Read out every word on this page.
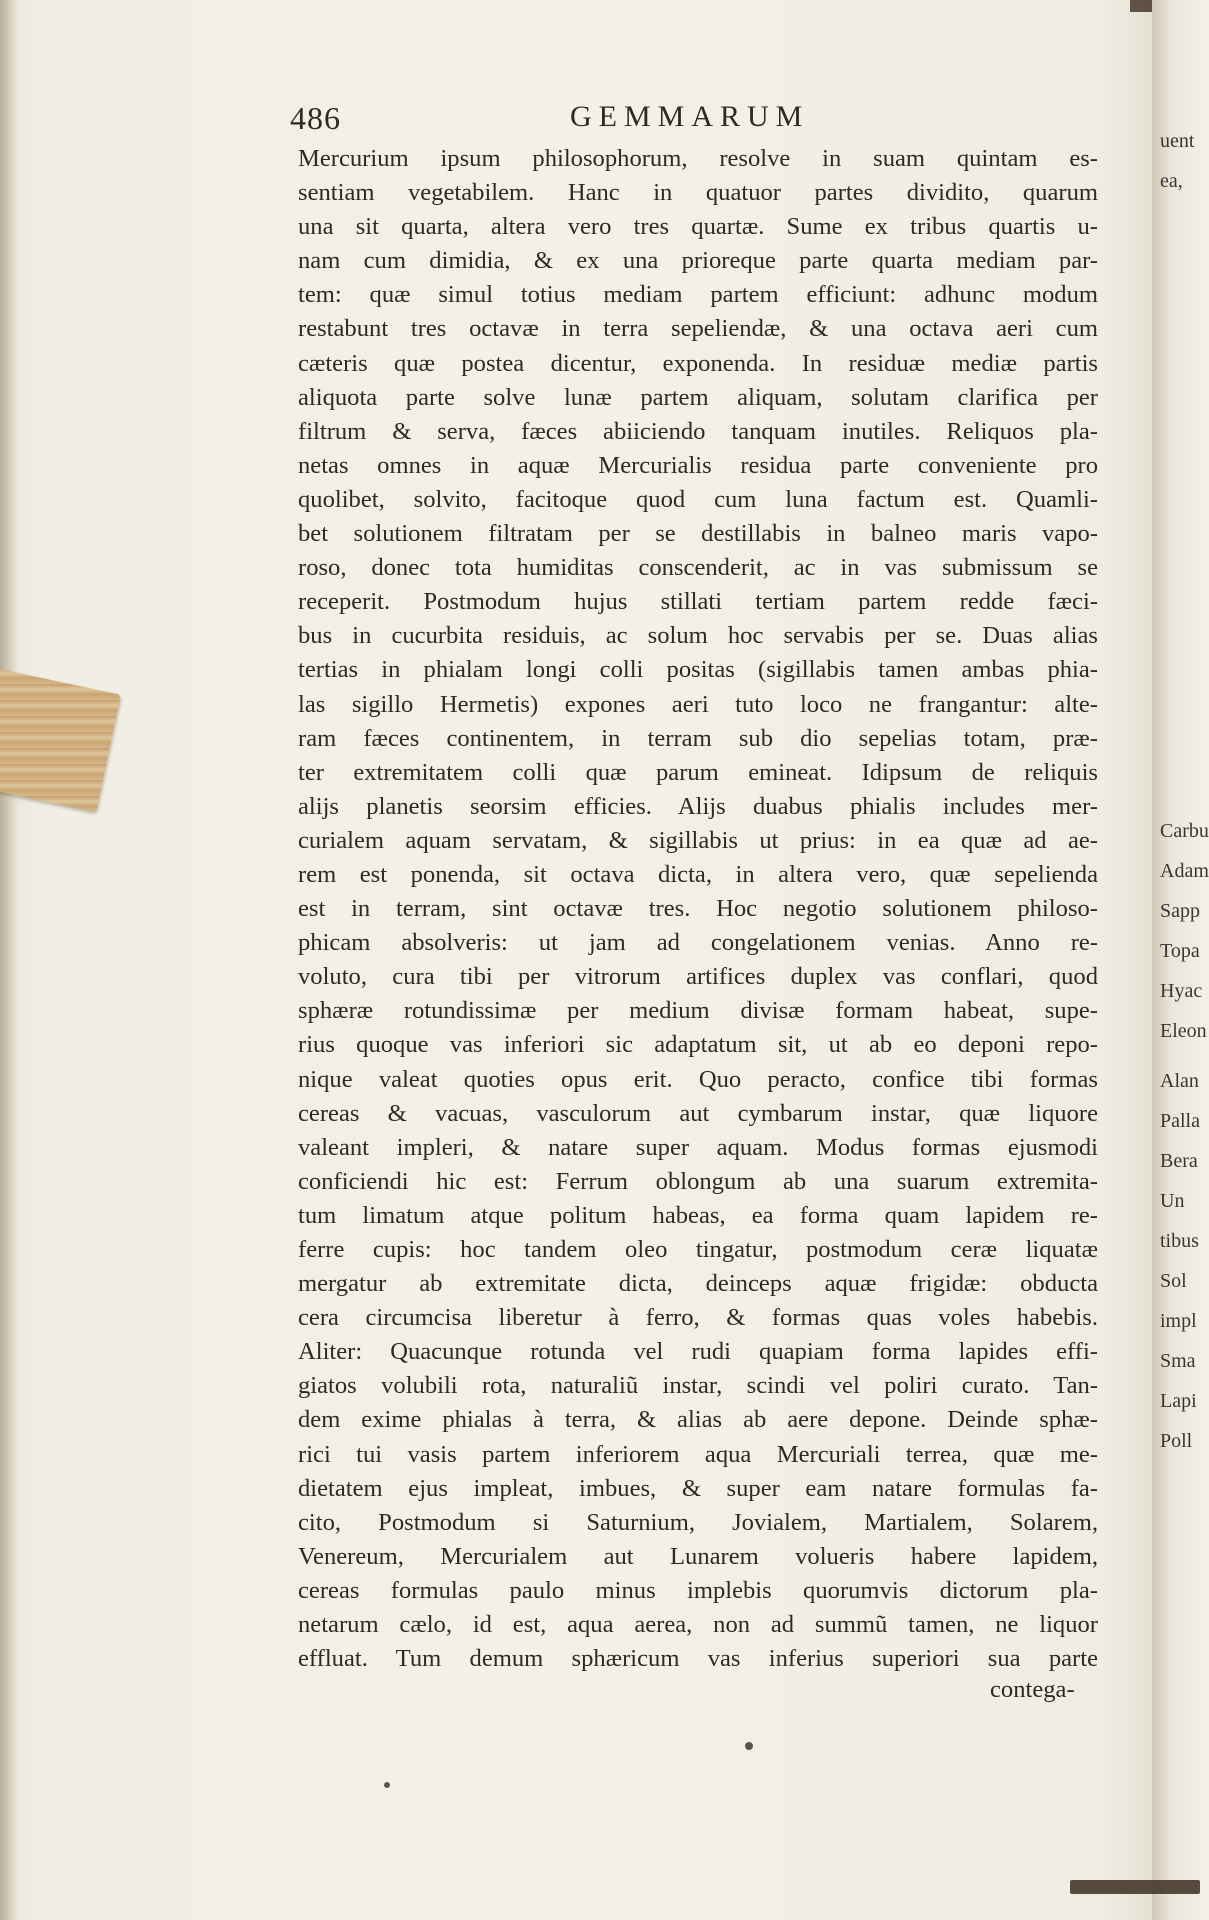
486	GEMMARUM
Mercurium ipsum philosophorum, resolve in suam quintam es-
sentiam vegetabilem. Hanc in quatuor partes dividito, quarum
una sit quarta, altera vero tres quartæ. Sume ex tribus quartis u-
nam cum dimidia, & ex una prioreque parte quarta mediam par-
tem: quæ simul totius mediam partem efficiunt: adhunc modum
restabunt tres octavæ in terra sepeliendæ, & una octava aeri cum
cæteris quæ postea dicentur, exponenda. In residuæ mediæ partis
aliquota parte solve lunæ partem aliquam, solutam clarifica per
filtrum & serva, fæces abiiciendo tanquam inutiles. Reliquos pla-
netas omnes in aquæ Mercurialis residua parte conveniente pro
quolibet, solvito, facitoque quod cum luna factum est. Quamli-
bet solutionem filtratam per se destillabis in balneo maris vapo-
roso, donec tota humiditas conscenderit, ac in vas submissum se
receperit. Postmodum hujus stillati tertiam partem redde fæci-
bus in cucurbita residuis, ac solum hoc servabis per se. Duas alias
tertias in phialam longi colli positas (sigillabis tamen ambas phia-
las sigillo Hermetis) expones aeri tuto loco ne frangantur: alte-
ram fæces continentem, in terram sub dio sepelias totam, præ-
ter extremitatem colli quæ parum emineat. Idipsum de reliquis
alijs planetis seorsim efficies. Alijs duabus phialis includes mer-
curialem aquam servatam, & sigillabis ut prius: in ea quæ ad ae-
rem est ponenda, sit octava dicta, in altera vero, quæ sepelienda
est in terram, sint octavæ tres. Hoc negotio solutionem philoso-
phicam absolveris: ut jam ad congelationem venias. Anno re-
voluto, cura tibi per vitrorum artifices duplex vas conflari, quod
sphæræ rotundissimæ per medium divisæ formam habeat, supe-
rius quoque vas inferiori sic adaptatum sit, ut ab eo deponi repo-
nique valeat quoties opus erit. Quo peracto, confice tibi formas
cereas & vacuas, vasculorum aut cymbarum instar, quæ liquore
valeant impleri, & natare super aquam. Modus formas ejusmodi
conficiendi hic est: Ferrum oblongum ab una suarum extremita-
tum limatum atque politum habeas, ea forma quam lapidem re-
ferre cupis: hoc tandem oleo tingatur, postmodum ceræ liquatæ
mergatur ab extremitate dicta, deinceps aquæ frigidæ: obducta
cera circumcisa liberetur à ferro, & formas quas voles habebis.
Aliter: Quacunque rotunda vel rudi quapiam forma lapides effi-
giatos volubili rota, naturaliũ instar, scindi vel poliri curato. Tan-
dem exime phialas à terra, & alias ab aere depone. Deinde sphæ-
rici tui vasis partem inferiorem aqua Mercuriali terrea, quæ me-
dietatem ejus impleat, imbues, & super eam natare formulas fa-
cito, Postmodum si Saturnium, Jovialem, Martialem, Solarem,
Venereum, Mercurialem aut Lunarem volueris habere lapidem,
cereas formulas paulo minus implebis quorumvis dictorum pla-
netarum cælo, id est, aqua aerea, non ad summũ tamen, ne liquor
effluat. Tum demum sphæricum vas inferius superiori sua parte
contega-
uent
ea,
Carbu
Adam
Sapp
Topa
Hyac
Eleon
Alan
Palla
Bera
Un
tibus
Sol
impl
Sma
Lapi
Poll
